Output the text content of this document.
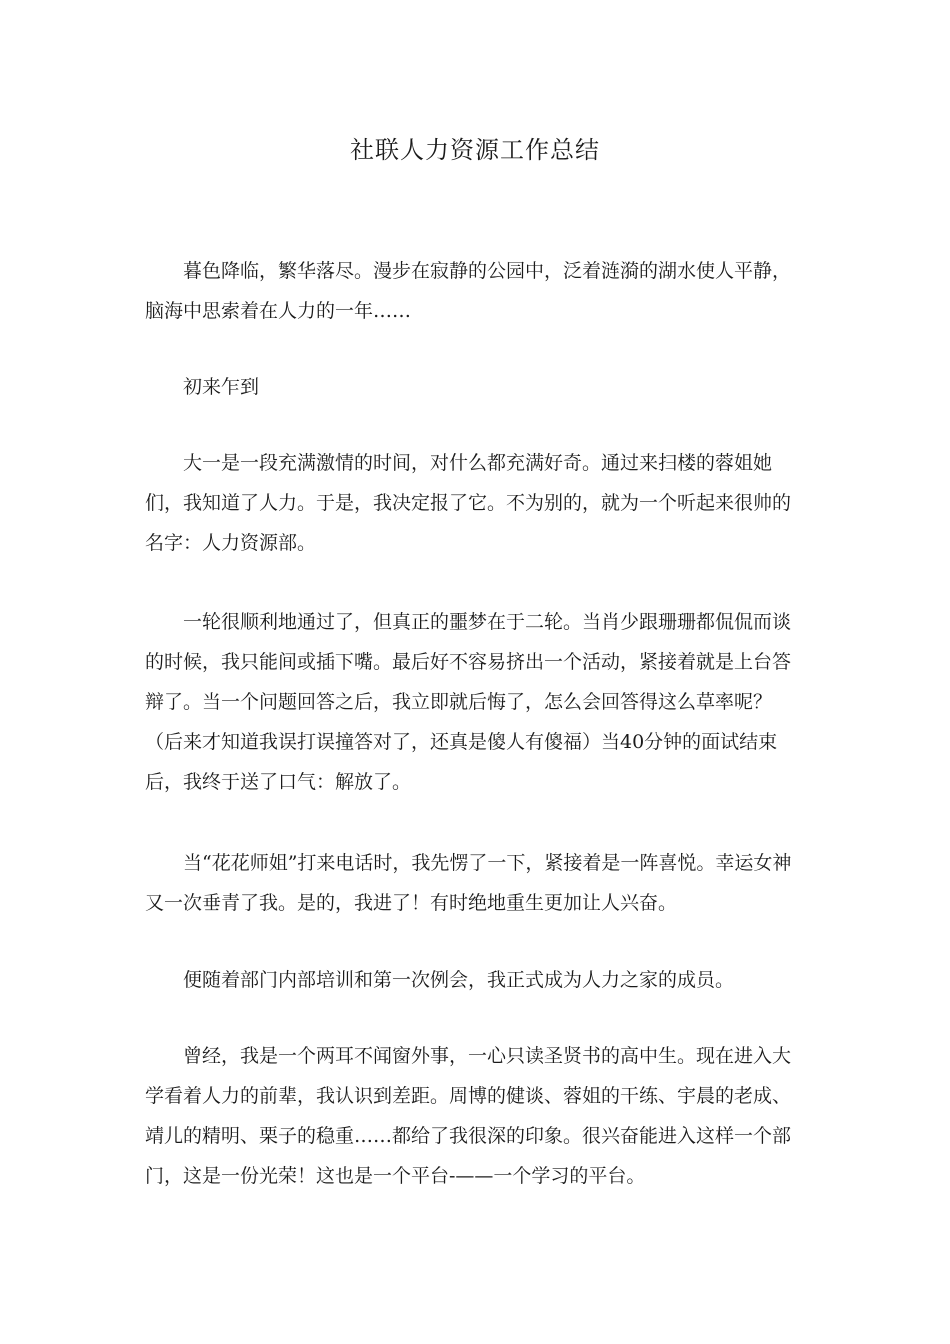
社联人力资源工作总结

暮色降临，繁华落尽。漫步在寂静的公园中，泛着涟漪的湖水使人平静，脑海中思索着在人力的一年……

初来乍到

大一是一段充满激情的时间，对什么都充满好奇。通过来扫楼的蓉姐她们，我知道了人力。于是，我决定报了它。不为别的，就为一个听起来很帅的名字：人力资源部。

一轮很顺利地通过了，但真正的噩梦在于二轮。当肖少跟珊珊都侃侃而谈的时候，我只能间或插下嘴。最后好不容易挤出一个活动，紧接着就是上台答辩了。当一个问题回答之后，我立即就后悔了，怎么会回答得这么草率呢？（后来才知道我误打误撞答对了，还真是傻人有傻福）当40分钟的面试结束后，我终于送了口气：解放了。

当“花花师姐”打来电话时，我先愣了一下，紧接着是一阵喜悦。幸运女神又一次垂青了我。是的，我进了！有时绝地重生更加让人兴奋。

便随着部门内部培训和第一次例会，我正式成为人力之家的成员。

曾经，我是一个两耳不闻窗外事，一心只读圣贤书的高中生。现在进入大学看着人力的前辈，我认识到差距。周博的健谈、蓉姐的干练、宇晨的老成、靖儿的精明、栗子的稳重……都给了我很深的印象。很兴奋能进入这样一个部门，这是一份光荣！这也是一个平台-——一个学习的平台。
